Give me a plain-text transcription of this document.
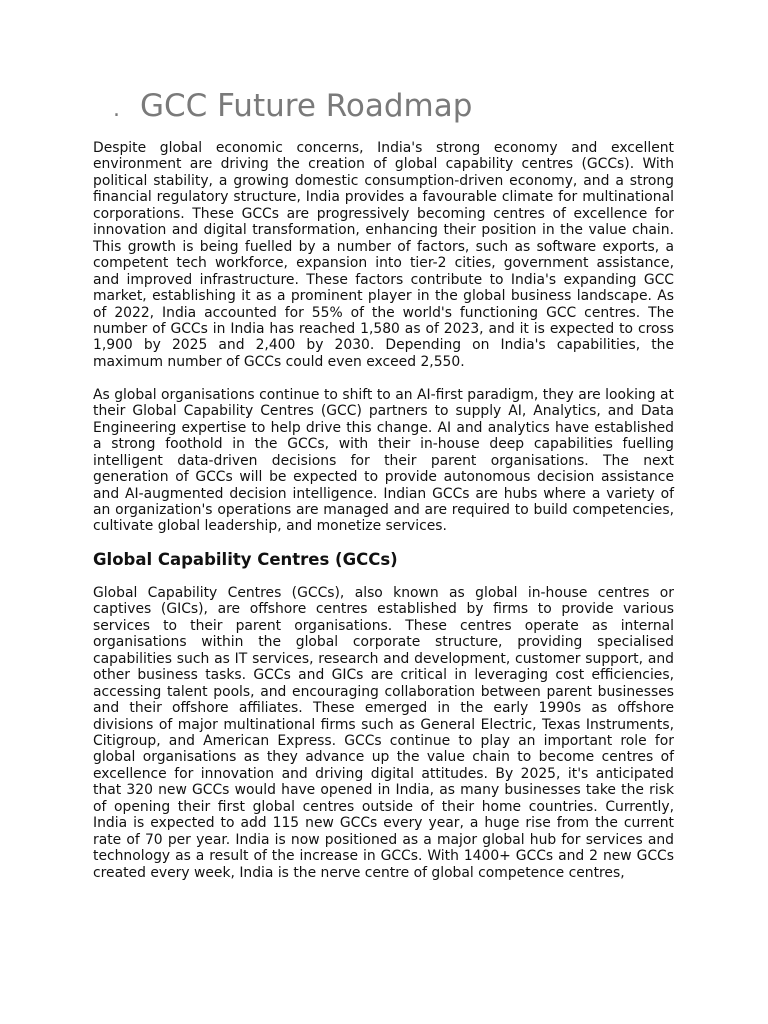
. GCC Future Roadmap

Despite global economic concerns, India's strong economy and excellent environment are driving the creation of global capability centres (GCCs). With political stability, a growing domestic consumption-driven economy, and a strong financial regulatory structure, India provides a favourable climate for multinational corporations. These GCCs are progressively becoming centres of excellence for innovation and digital transformation, enhancing their position in the value chain. This growth is being fuelled by a number of factors, such as software exports, a competent tech workforce, expansion into tier-2 cities, government assistance, and improved infrastructure. These factors contribute to India's expanding GCC market, establishing it as a prominent player in the global business landscape. As of 2022, India accounted for 55% of the world's functioning GCC centres. The number of GCCs in India has reached 1,580 as of 2023, and it is expected to cross 1,900 by 2025 and 2,400 by 2030. Depending on India's capabilities, the maximum number of GCCs could even exceed 2,550.

As global organisations continue to shift to an AI-first paradigm, they are looking at their Global Capability Centres (GCC) partners to supply AI, Analytics, and Data Engineering expertise to help drive this change. AI and analytics have established a strong foothold in the GCCs, with their in-house deep capabilities fuelling intelligent data-driven decisions for their parent organisations. The next generation of GCCs will be expected to provide autonomous decision assistance and AI-augmented decision intelligence. Indian GCCs are hubs where a variety of an organization's operations are managed and are required to build competencies, cultivate global leadership, and monetize services.

Global Capability Centres (GCCs)

Global Capability Centres (GCCs), also known as global in-house centres or captives (GICs), are offshore centres established by firms to provide various services to their parent organisations. These centres operate as internal organisations within the global corporate structure, providing specialised capabilities such as IT services, research and development, customer support, and other business tasks. GCCs and GICs are critical in leveraging cost efficiencies, accessing talent pools, and encouraging collaboration between parent businesses and their offshore affiliates. These emerged in the early 1990s as offshore divisions of major multinational firms such as General Electric, Texas Instruments, Citigroup, and American Express. GCCs continue to play an important role for global organisations as they advance up the value chain to become centres of excellence for innovation and driving digital attitudes. By 2025, it's anticipated that 320 new GCCs would have opened in India, as many businesses take the risk of opening their first global centres outside of their home countries. Currently, India is expected to add 115 new GCCs every year, a huge rise from the current rate of 70 per year. India is now positioned as a major global hub for services and technology as a result of the increase in GCCs. With 1400+ GCCs and 2 new GCCs created every week, India is the nerve centre of global competence centres,
